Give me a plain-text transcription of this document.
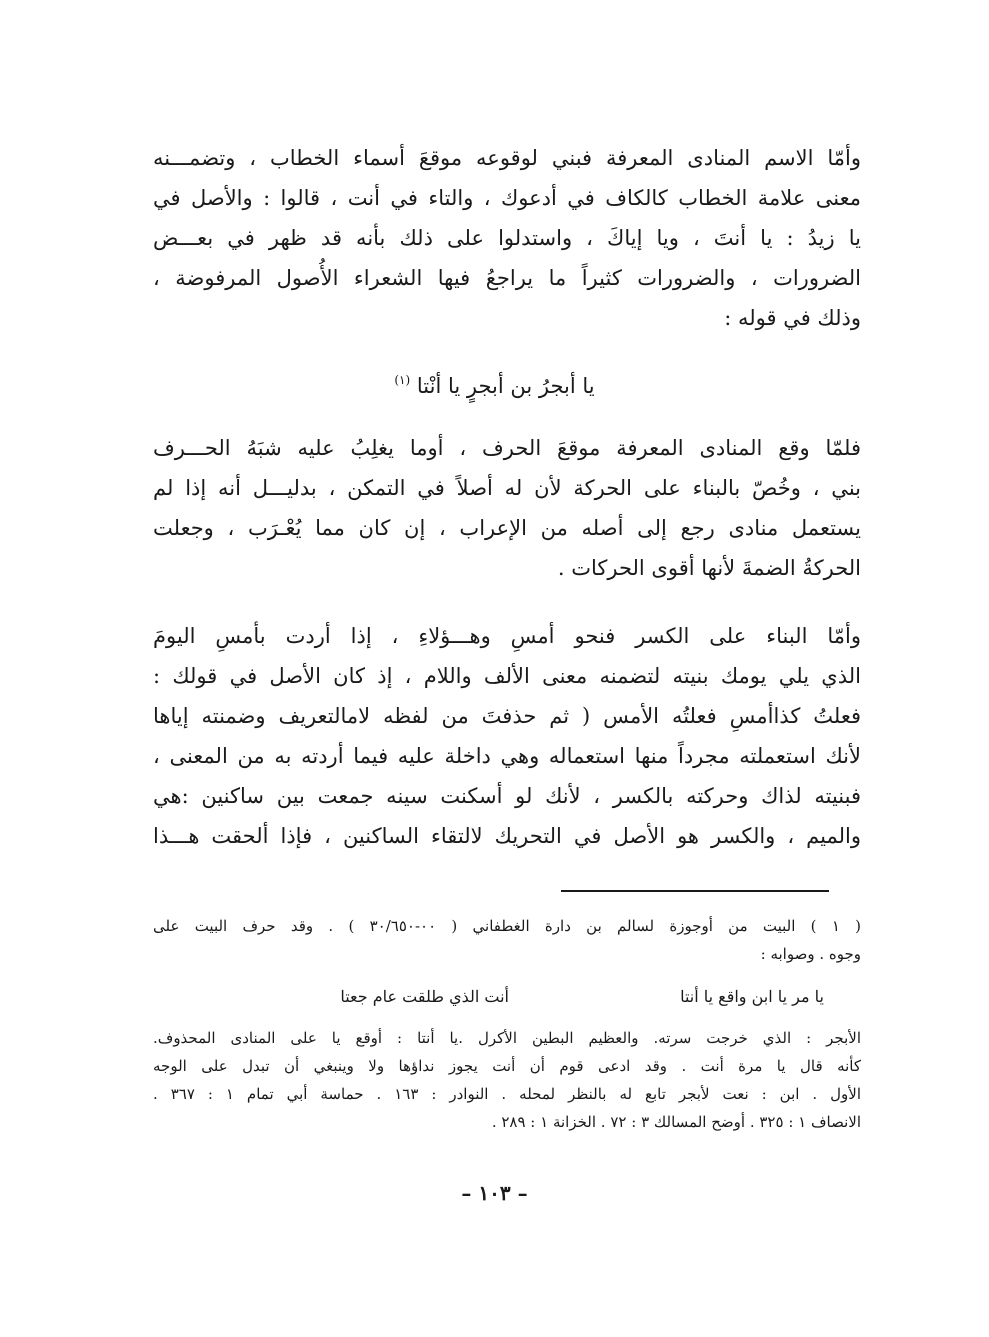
وأمّا الاسم المنادى المعرفة فبني لوقوعه موقعَ أسماء الخطاب ، وتضمـــنه
معنى علامة الخطاب كالكاف في أدعوك ، والتاء في أنت ، قالوا : والأصل في
يا زيدُ : يا أنتَ ، ويا إياكَ ، واستدلوا على ذلك بأنه قد ظهر في بعـــض
الضرورات ، والضرورات كثيراً ما يراجعُ فيها الشعراء الأُصول المرفوضة ،
وذلك في قوله :
يا أبجرُ بن أبجرٍ يا أنْتا $^{(١)}$
فلمّا وقع المنادى المعرفة موقعَ الحرف ، أوما يغلِبُ عليه شبَهُ الحـــرف
بني ، وخُصّ بالبناء على الحركة لأن له أصلاً في التمكن ، بدليـــل أنه إذا لم
يستعمل منادى رجع إلى أصله من الإعراب ، إن كان مما يُعْـرَب ، وجعلت
الحركةُ الضمةَ لأنها أقوى الحركات .
وأمّا البناء على الكسر فنحو أمسِ وهـــؤلاءِ ، إذا أردت بأمسِ اليومَ
الذي يلي يومك بنيته لتضمنه معنى الألف واللام ، إذ كان الأصل في قولك :
فعلتُ كذاأمسِ فعلتُه الأمس ( ثم حذفتَ من لفظه لامالتعريف وضمنته إياها
لأنك استعملته مجرداً منها استعماله وهي داخلة عليه فيما أردته به من المعنى ،
فبنيته لذاك وحركته بالكسر ، لأنك لو أسكنت سينه جمعت بين ساكنين :هي
والميم ، والكسر هو الأصل في التحريك لالتقاء الساكنين ، فإذا ألحقت هـــذا
( ١ ) البيت من أوجوزة لسالم بن دارة الغطفاني ( ٠٠-٣٠/٦٥٠ ) . وقد حرف البيت على
وجوه . وصوابه :
يا مر يا ابن واقع يا أنتا
أنت الذي طلقت عام جعتا
الأبجر : الذي خرجت سرته. والعظيم البطين الأكرل .يا أنتا : أوقع يا على المنادى المحذوف.
كأنه قال يا مرة أنت . وقد ادعى قوم أن أنت يجوز نداؤها ولا وينبغي أن تبدل على الوجه
الأول . ابن : نعت لأبجر تابع له بالنظر لمحله . النوادر : ١٦٣ . حماسة أبي تمام ١ : ٣٦٧ .
الانصاف ١ : ٣٢٥ . أوضح المسالك ٣ : ٧٢ . الخزانة ١ : ٢٨٩ .
– ١٠٣ –
